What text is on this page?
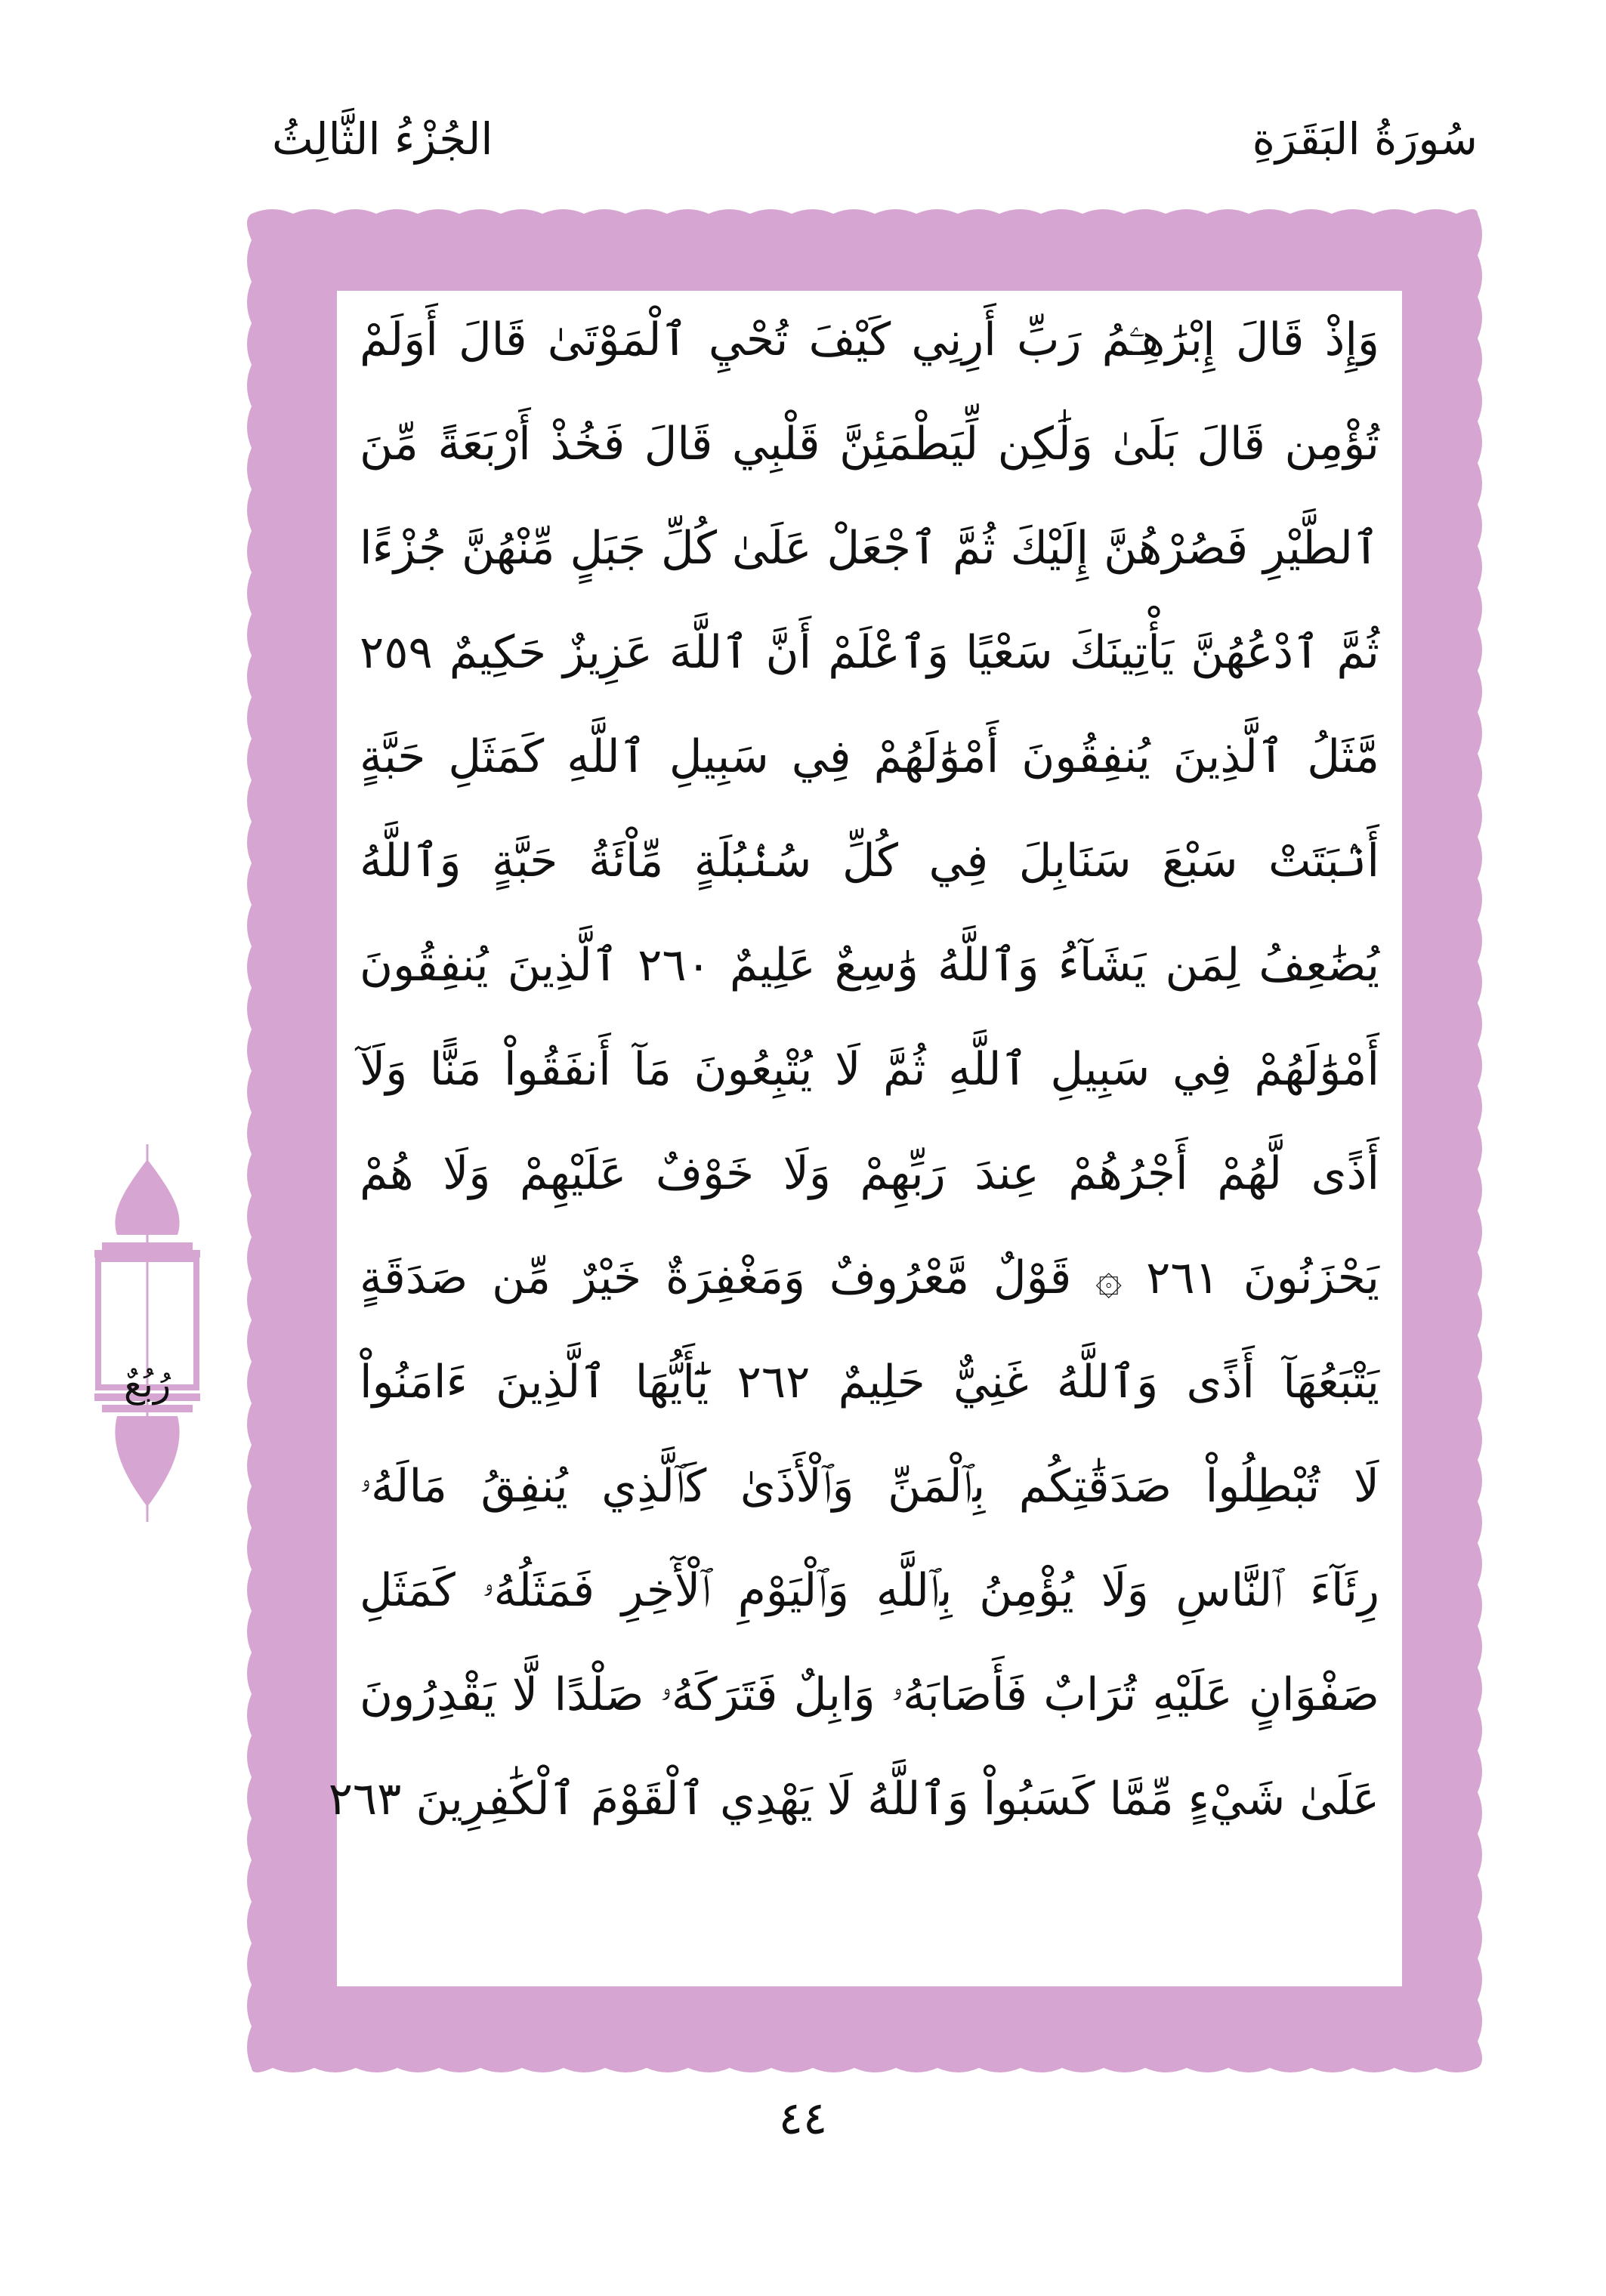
سُورَةُ البَقَرَةِ
الجُزْءُ الثَّالِثُ
وَإِذْ قَالَ إِبْرَٰهِـۧمُ رَبِّ أَرِنِي كَيْفَ تُحْيِ ٱلْمَوْتَىٰ قَالَ أَوَلَمْ
تُؤْمِن قَالَ بَلَىٰ وَلَٰكِن لِّيَطْمَئِنَّ قَلْبِي قَالَ فَخُذْ أَرْبَعَةً مِّنَ
ٱلطَّيْرِ فَصُرْهُنَّ إِلَيْكَ ثُمَّ ٱجْعَلْ عَلَىٰ كُلِّ جَبَلٍ مِّنْهُنَّ جُزْءًا
ثُمَّ ٱدْعُهُنَّ يَأْتِينَكَ سَعْيًا وَٱعْلَمْ أَنَّ ٱللَّهَ عَزِيزٌ حَكِيمٌ ٢٥٩
مَّثَلُ ٱلَّذِينَ يُنفِقُونَ أَمْوَٰلَهُمْ فِي سَبِيلِ ٱللَّهِ كَمَثَلِ حَبَّةٍ
أَنۢبَتَتْ سَبْعَ سَنَابِلَ فِي كُلِّ سُنۢبُلَةٍ مِّاْئَةُ حَبَّةٍ وَٱللَّهُ
يُضَٰعِفُ لِمَن يَشَآءُ وَٱللَّهُ وَٰسِعٌ عَلِيمٌ ٢٦٠ ٱلَّذِينَ يُنفِقُونَ
أَمْوَٰلَهُمْ فِي سَبِيلِ ٱللَّهِ ثُمَّ لَا يُتْبِعُونَ مَآ أَنفَقُواْ مَنًّا وَلَآ
أَذًى لَّهُمْ أَجْرُهُمْ عِندَ رَبِّهِمْ وَلَا خَوْفٌ عَلَيْهِمْ وَلَا هُمْ
يَحْزَنُونَ ٢٦١ ۞ قَوْلٌ مَّعْرُوفٌ وَمَغْفِرَةٌ خَيْرٌ مِّن صَدَقَةٍ
يَتْبَعُهَآ أَذًى وَٱللَّهُ غَنِيٌّ حَلِيمٌ ٢٦٢ يَٰٓأَيُّهَا ٱلَّذِينَ ءَامَنُواْ
لَا تُبْطِلُواْ صَدَقَٰتِكُم بِٱلْمَنِّ وَٱلْأَذَىٰ كَٱلَّذِي يُنفِقُ مَالَهُۥ
رِئَآءَ ٱلنَّاسِ وَلَا يُؤْمِنُ بِٱللَّهِ وَٱلْيَوْمِ ٱلْأٓخِرِ فَمَثَلُهُۥ كَمَثَلِ
صَفْوَانٍ عَلَيْهِ تُرَابٌ فَأَصَابَهُۥ وَابِلٌ فَتَرَكَهُۥ صَلْدًا لَّا يَقْدِرُونَ
عَلَىٰ شَيْءٍ مِّمَّا كَسَبُواْ وَٱللَّهُ لَا يَهْدِي ٱلْقَوْمَ ٱلْكَٰفِرِينَ ٢٦٣
رُبُعٌ
٤٤
